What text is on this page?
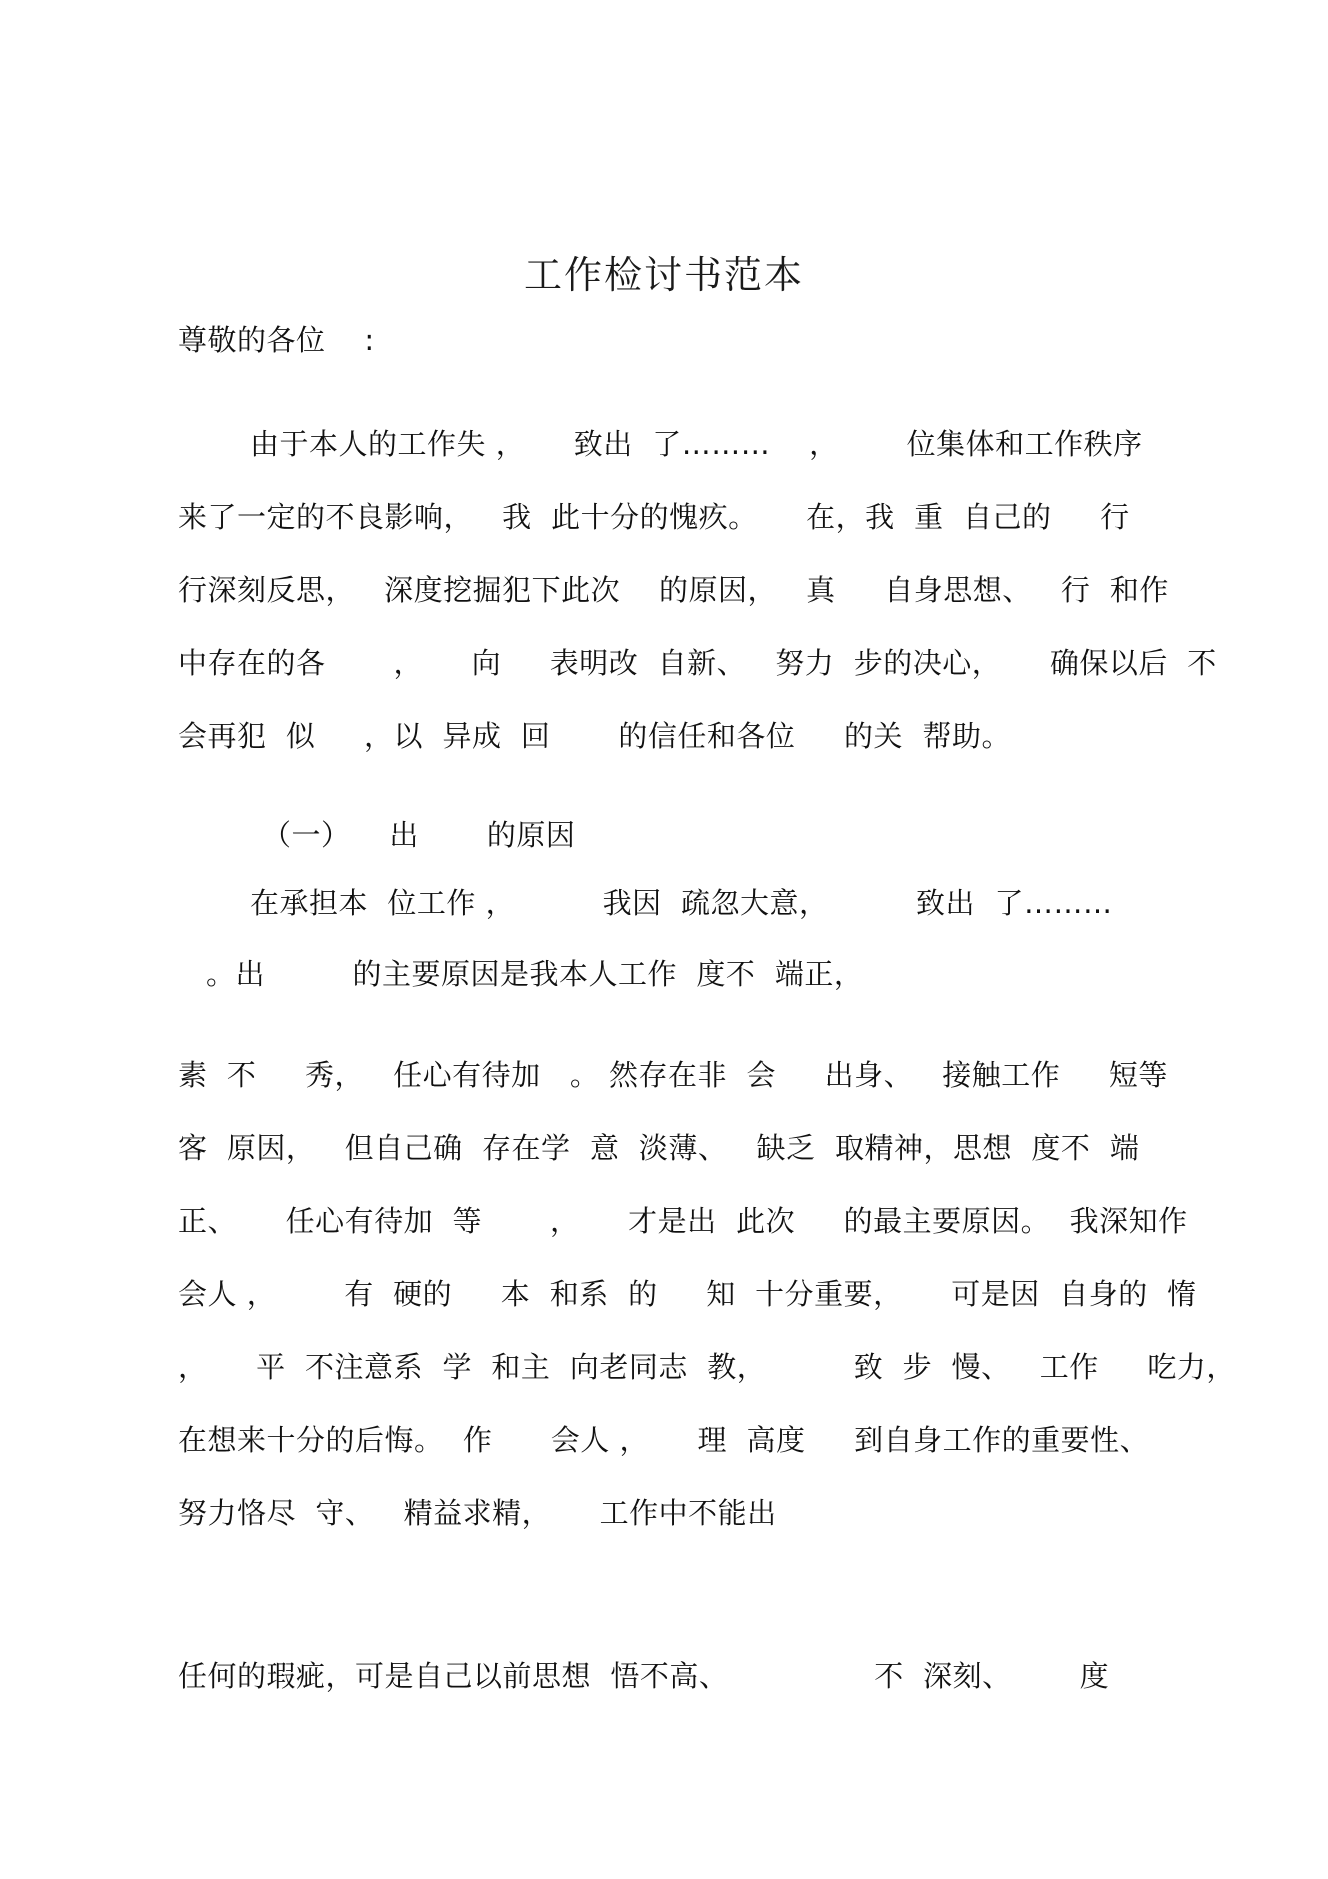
工作检讨书范本
尊敬的各位    :
由于本人的工作失 ，     致出  了………    ，       位集体和工作秩序
来了一定的不良影响，   我  此十分的愧疚。     在，我  重  自己的     行
行深刻反思，   深度挖掘犯下此次    的原因，   真     自身思想、   行  和作
中存在的各       ，     向     表明改  自新、   努力  步的决心，     确保以后  不
会再犯  似     ，以  异成  回       的信任和各位     的关  帮助。
（一）    出       的原因
在承担本  位工作 ，         我因  疏忽大意，         致出  了………
。出         的主要原因是我本人工作  度不  端正，
素  不     秀，   任心有待加   。 然存在非  会     出身、   接触工作     短等
客  原因，   但自己确  存在学  意  淡薄、   缺乏  取精神，思想  度不  端
正、     任心有待加  等       ，     才是出  此次     的最主要原因。  我深知作
会人 ，       有  硬的     本  和系  的     知  十分重要，     可是因  自身的  惰
，     平  不注意系  学  和主  向老同志  教，         致  步  慢、   工作     吃力，
在想来十分的后悔。  作      会人 ，     理  高度     到自身工作的重要性、
努力恪尽  守、   精益求精，     工作中不能出
任何的瑕疵，可是自己以前思想  悟不高、               不  深刻、       度
